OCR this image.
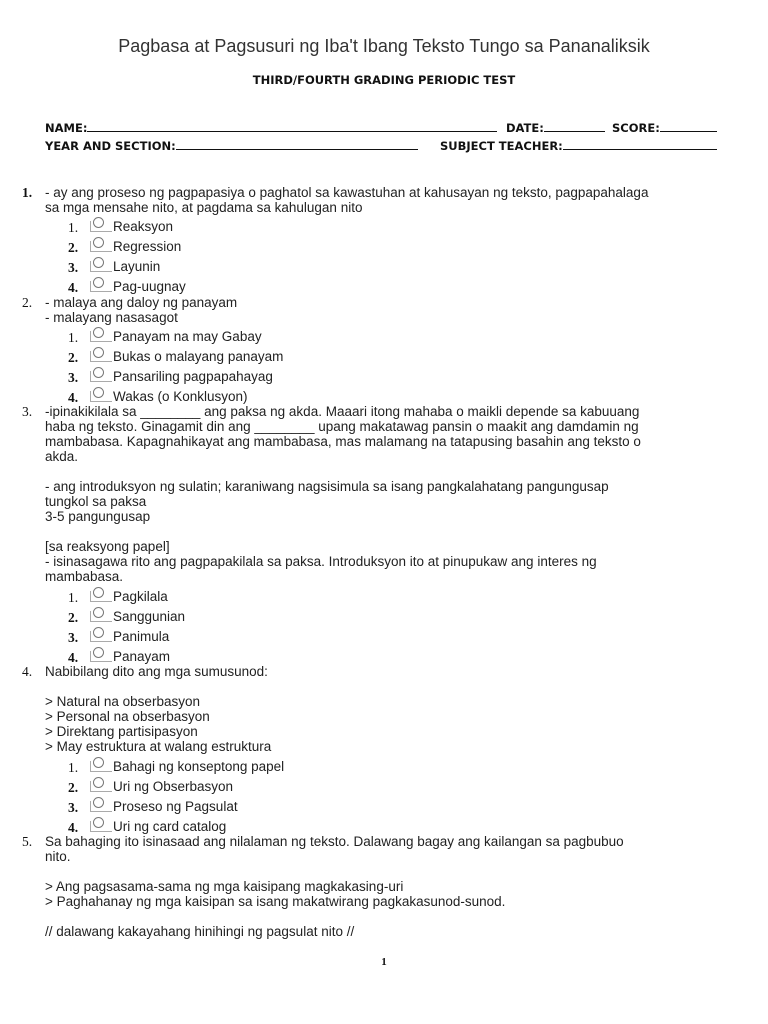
Pagbasa at Pagsusuri ng Iba't Ibang Teksto Tungo sa Pananaliksik
THIRD/FOURTH GRADING PERIODIC TEST
NAME:	DATE:	SCORE:
YEAR AND SECTION:	SUBJECT TEACHER:
1. - ay ang proseso ng pagpapasiya o paghatol sa kawastuhan at kahusayan ng teksto, pagpapahalaga
sa mga mensahe nito, at pagdama sa kahulugan nito
1.	Reaksyon
2.	Regression
3.	Layunin
4.	Pag-uugnay
2. - malaya ang daloy ng panayam
- malayang nasasagot
1.	Panayam na may Gabay
2.	Bukas o malayang panayam
3.	Pansariling pagpapahayag
4.	Wakas (o Konklusyon)
3. -ipinakikilala sa ________ ang paksa ng akda. Maaari itong mahaba o maikli depende sa kabuuang
haba ng teksto. Ginagamit din ang ________ upang makatawag pansin o maakit ang damdamin ng
mambabasa. Kapagnahikayat ang mambabasa, mas malamang na tatapusing basahin ang teksto o
akda.
- ang introduksyon ng sulatin; karaniwang nagsisimula sa isang pangkalahatang pangungusap
tungkol sa paksa
3-5 pangungusap
[sa reaksyong papel]
- isinasagawa rito ang pagpapakilala sa paksa. Introduksyon ito at pinupukaw ang interes ng
mambabasa.
1.	Pagkilala
2.	Sanggunian
3.	Panimula
4.	Panayam
4. Nabibilang dito ang mga sumusunod:
> Natural na obserbasyon
> Personal na obserbasyon
> Direktang partisipasyon
> May estruktura at walang estruktura
1.	Bahagi ng konseptong papel
2.	Uri ng Obserbasyon
3.	Proseso ng Pagsulat
4.	Uri ng card catalog
5. Sa bahaging ito isinasaad ang nilalaman ng teksto. Dalawang bagay ang kailangan sa pagbubuo
nito.
> Ang pagsasama-sama ng mga kaisipang magkakasing-uri
> Paghahanay ng mga kaisipan sa isang makatwirang pagkakasunod-sunod.
// dalawang kakayahang hinihingi ng pagsulat nito //
1
